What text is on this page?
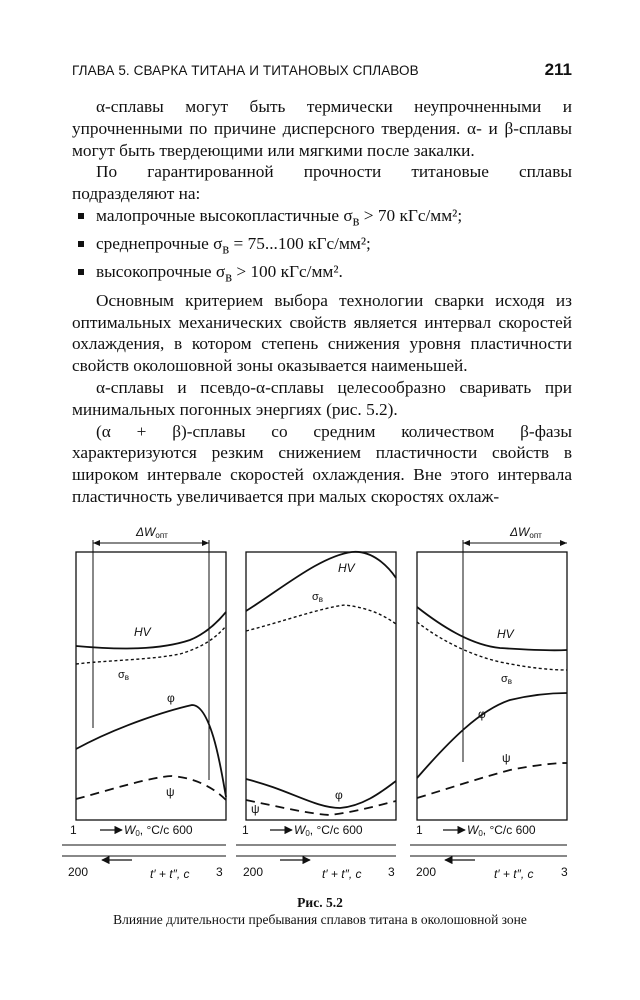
ГЛАВА 5. СВАРКА ТИТАНА И ТИТАНОВЫХ СПЛАВОВ	211

α-сплавы могут быть термически неупрочненными и упрочненными по причине дисперсного твердения. α- и β-сплавы могут быть твердеющими или мягкими после закалки.

По гарантированной прочности титановые сплавы подразделяют на:

малопрочные высокопластичные $\sigma_в > 70$ кГс/мм²;
среднепрочные $\sigma_в = 75...100$ кГс/мм²;
высокопрочные $\sigma_в > 100$ кГс/мм².

Основным критерием выбора технологии сварки исходя из оптимальных механических свойств является интервал скоростей охлаждения, в котором степень снижения уровня пластичности свойств околошовной зоны оказывается наименьшей.

α-сплавы и псевдо-α-сплавы целесообразно сваривать при минимальных погонных энергиях (рис. 5.2).

(α + β)-сплавы со средним количеством β-фазы характеризуются резким снижением пластичности свойств в широком интервале скоростей охлаждения. Вне этого интервала пластичность увеличивается при малых скоростях охлаж-

ΔWопт	ΔWопт
HV
σв
φ
ψ
HV
σв
φ
ψ
HV
σв
φ
ψ
1	W0, °C/c 600	1	W0, °C/c 600	1	W0, °C/c 600
200	t′ + t″, c 3 200	t′ + t″, c 3 200	t′ + t″, c 3
Рис. 5.2
Влияние длительности пребывания сплавов титана в околошовной зоне
